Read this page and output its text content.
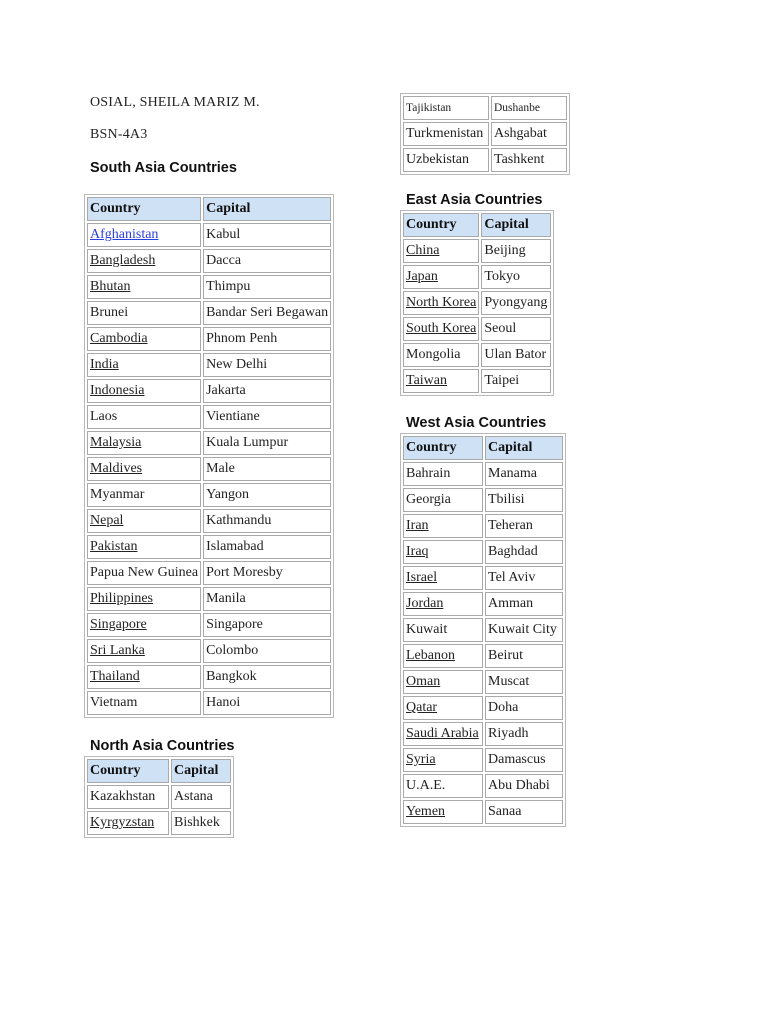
OSIAL, SHEILA MARIZ M.
BSN-4A3
South Asia Countries
Country	Capital
Afghanistan	Kabul
Bangladesh	Dacca
Bhutan	Thimpu
Brunei	Bandar Seri Begawan
Cambodia	Phnom Penh
India	New Delhi
Indonesia	Jakarta
Laos	Vientiane
Malaysia	Kuala Lumpur
Maldives	Male
Myanmar	Yangon
Nepal	Kathmandu
Pakistan	Islamabad
Papua New Guinea	Port Moresby
Philippines	Manila
Singapore	Singapore
Sri Lanka	Colombo
Thailand	Bangkok
Vietnam	Hanoi
North Asia Countries
Country	Capital
Kazakhstan	Astana
Kyrgyzstan	Bishkek
Tajikistan	Dushanbe
Turkmenistan	Ashgabat
Uzbekistan	Tashkent
East Asia Countries
Country	Capital
China	Beijing
Japan	Tokyo
North Korea	Pyongyang
South Korea	Seoul
Mongolia	Ulan Bator
Taiwan	Taipei
West Asia Countries
Country	Capital
Bahrain	Manama
Georgia	Tbilisi
Iran	Teheran
Iraq	Baghdad
Israel	Tel Aviv
Jordan	Amman
Kuwait	Kuwait City
Lebanon	Beirut
Oman	Muscat
Qatar	Doha
Saudi Arabia	Riyadh
Syria	Damascus
U.A.E.	Abu Dhabi
Yemen	Sanaa
